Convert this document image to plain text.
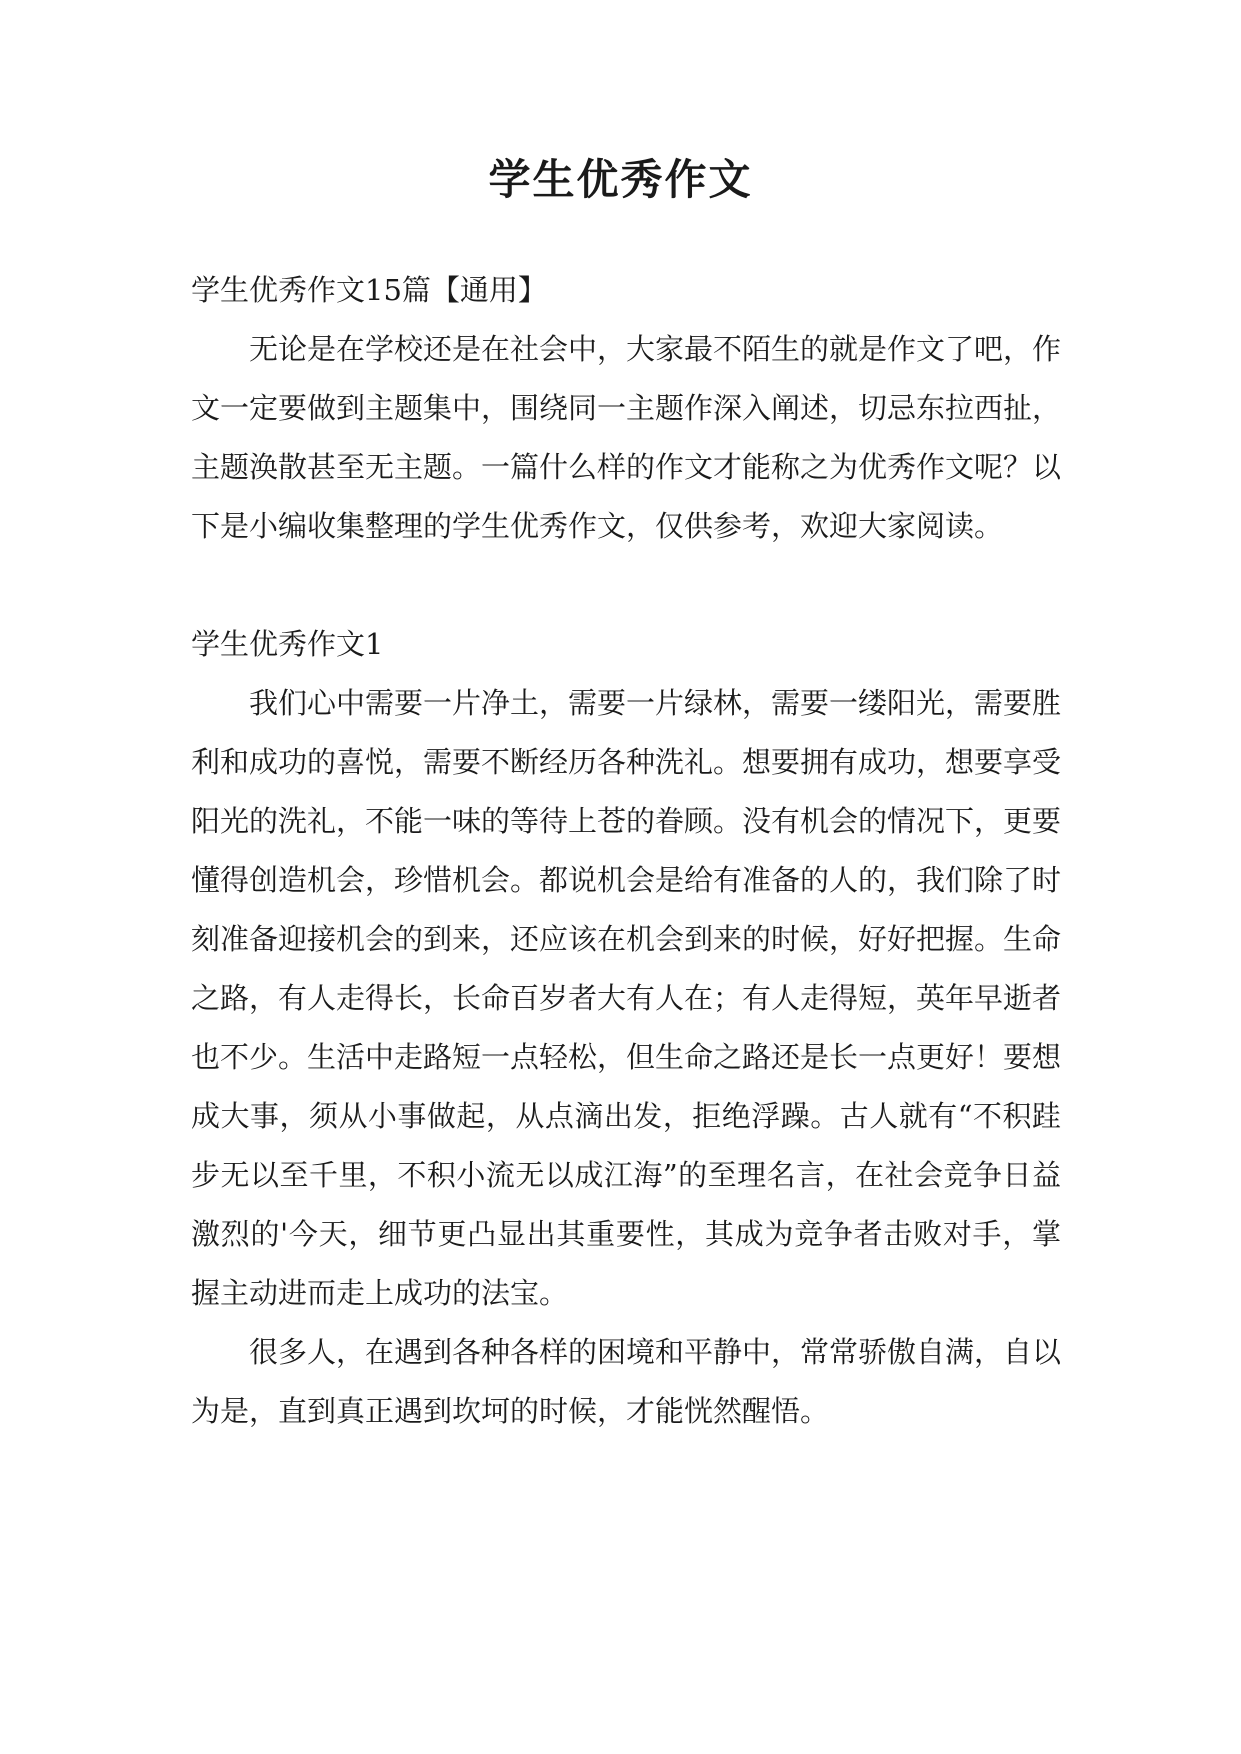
学生优秀作文

学生优秀作文15篇【通用】

无论是在学校还是在社会中，大家最不陌生的就是作文了吧，作文一定要做到主题集中，围绕同一主题作深入阐述，切忌东拉西扯，主题涣散甚至无主题。一篇什么样的作文才能称之为优秀作文呢？以下是小编收集整理的学生优秀作文，仅供参考，欢迎大家阅读。

学生优秀作文1

我们心中需要一片净土，需要一片绿林，需要一缕阳光，需要胜利和成功的喜悦，需要不断经历各种洗礼。想要拥有成功，想要享受阳光的洗礼，不能一味的等待上苍的眷顾。没有机会的情况下，更要懂得创造机会，珍惜机会。都说机会是给有准备的人的，我们除了时刻准备迎接机会的到来，还应该在机会到来的时候，好好把握。生命之路，有人走得长，长命百岁者大有人在；有人走得短，英年早逝者也不少。生活中走路短一点轻松，但生命之路还是长一点更好！要想成大事，须从小事做起，从点滴出发，拒绝浮躁。古人就有“不积跬步无以至千里，不积小流无以成江海”的至理名言，在社会竞争日益激烈的'今天，细节更凸显出其重要性，其成为竞争者击败对手，掌握主动进而走上成功的法宝。

很多人，在遇到各种各样的困境和平静中，常常骄傲自满，自以为是，直到真正遇到坎坷的时候，才能恍然醒悟。
